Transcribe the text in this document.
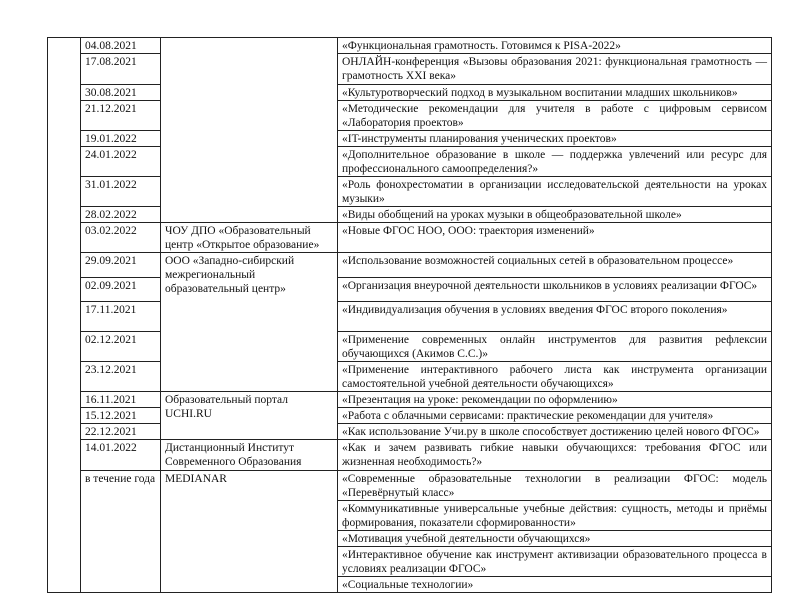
	04.08.2021		«Функциональная грамотность. Готовимся к PISA-2022»
	17.08.2021		ОНЛАЙН-конференция «Вызовы образования 2021: функциональная грамотность — грамотность XXI века»
	30.08.2021		«Культуротворческий подход в музыкальном воспитании младших школьников»
	21.12.2021		«Методические рекомендации для учителя в работе с цифровым сервисом «Лаборатория проектов»
	19.01.2022		«IT-инструменты планирования ученических проектов»
	24.01.2022		«Дополнительное образование в школе — поддержка увлечений или ресурс для профессионального самоопределения?»
	31.01.2022		«Роль фонохрестоматии в организации исследовательской деятельности на уроках музыки»
	28.02.2022		«Виды обобщений на уроках музыки в общеобразовательной школе»
	03.02.2022	ЧОУ ДПО «Образовательный центр «Открытое образование»	«Новые ФГОС НОО, ООО: траектория изменений»
	29.09.2021	ООО «Западно-сибирский межрегиональный образовательный центр»	«Использование возможностей социальных сетей в образовательном процессе»
	02.09.2021		«Организация внеурочной деятельности школьников в условиях реализации ФГОС»
	17.11.2021		«Индивидуализация обучения в условиях введения ФГОС второго поколения»
	02.12.2021		«Применение современных онлайн инструментов для развития рефлексии обучающихся (Акимов С.С.)»
	23.12.2021		«Применение интерактивного рабочего листа как инструмента организации самостоятельной учебной деятельности обучающихся»
	16.11.2021	Образовательный портал UCHI.RU	«Презентация на уроке: рекомендации по оформлению»
	15.12.2021		«Работа с облачными сервисами: практические рекомендации для учителя»
	22.12.2021		«Как использование Учи.ру в школе способствует достижению целей нового ФГОС»
	14.01.2022	Дистанционный Институт Современного Образования	«Как и зачем развивать гибкие навыки обучающихся: требования ФГОС или жизненная необходимость?»
	в течение года	MEDIANAR	«Современные образовательные технологии в реализации ФГОС: модель «Перевёрнутый класс»
			«Коммуникативные универсальные учебные действия: сущность, методы и приёмы формирования, показатели сформированности»
			«Мотивация учебной деятельности обучающихся»
			«Интерактивное обучение как инструмент активизации образовательного процесса в условиях реализации ФГОС»
			«Социальные технологии»
